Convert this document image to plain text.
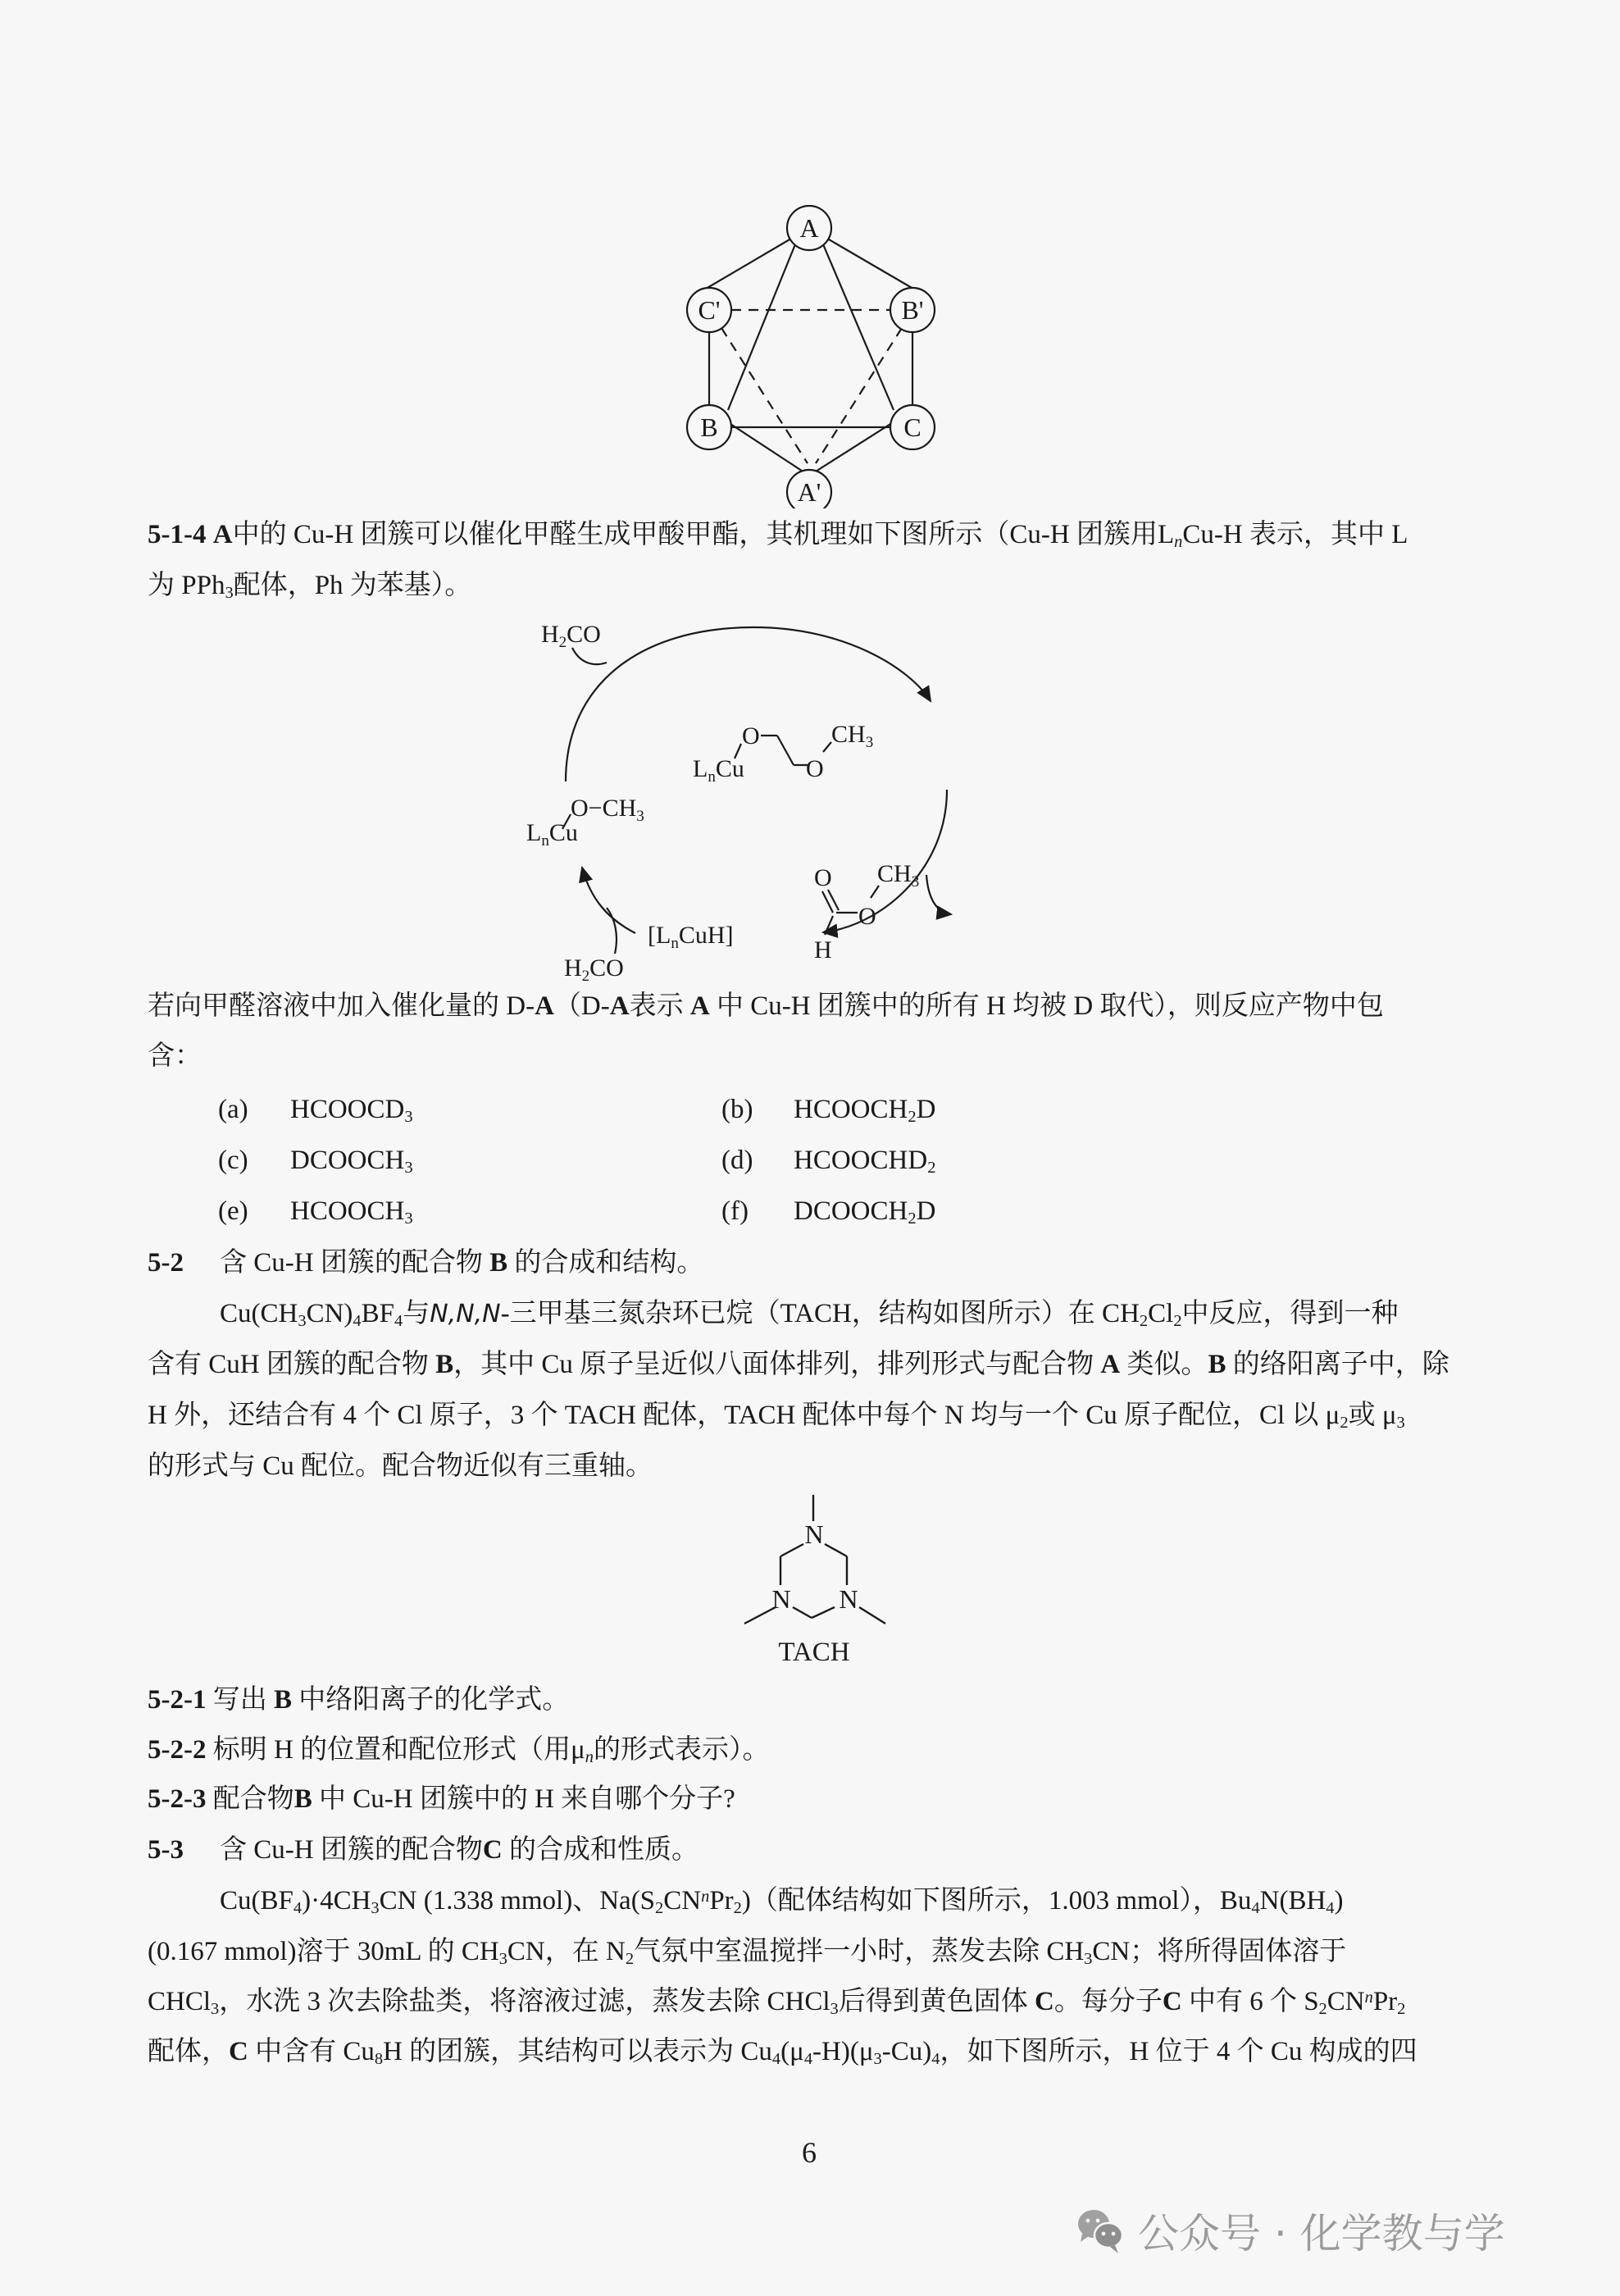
A
B'
C
A'
B
C'
5-1-4 A中的 Cu-H 团簇可以催化甲醛生成甲酸甲酯，其机理如下图所示（Cu-H 团簇用$L_nCu-H$ 表示，其中 L
为 PPh$_3$配体，Ph 为苯基）。
$H_2CO$
$L_nCu$
O
O
$CH_3$
$L_nCu$
$O-CH_3$
$[L_nCuH]$
$H_2CO$
O
O
H
$CH_3$
若向甲醛溶液中加入催化量的 D-A（D-A表示 A 中 Cu-H 团簇中的所有 H 均被 D 取代），则反应产物中包
含：
(a) $HCOOCD_3$	(b) $HCOOCH_2D$
(c) $DCOOCH_3$	(d) $HCOOCHD_2$
(e) $HCOOCH_3$	(f) $DCOOCH_2D$
5-2 含 Cu-H 团簇的配合物 B 的合成和结构。
$Cu(CH_3CN)_4BF_4$与N,N,N-三甲基三氮杂环已烷（TACH，结构如图所示）在 $CH_2Cl_2$中反应，得到一种
含有 CuH 团簇的配合物 B，其中 Cu 原子呈近似八面体排列，排列形式与配合物 A 类似。B 的络阳离子中，除
H 外，还结合有 4 个 Cl 原子，3 个 TACH 配体，TACH 配体中每个 N 均与一个 Cu 原子配位，Cl 以 $\mu_2$或 $\mu_3$
的形式与 Cu 配位。配合物近似有三重轴。
N
N N
TACH
5-2-1 写出 B 中络阳离子的化学式。
5-2-2 标明 H 的位置和配位形式（用$\mu_n$的形式表示）。
5-2-3 配合物B 中 Cu-H 团簇中的 H 来自哪个分子?
5-3 含 Cu-H 团簇的配合物C 的合成和性质。
$Cu(BF_4)\cdot 4CH_3CN$ (1.338 mmol)、$Na(S_2CN^nPr_2)$（配体结构如下图所示，1.003 mmol），$Bu_4N(BH_4)$
(0.167 mmol)溶于 30mL 的 $CH_3CN$，在 $N_2$气氛中室温搅拌一小时，蒸发去除 $CH_3CN$；将所得固体溶于
CHCl$_3$，水洗 3 次去除盐类，将溶液过滤，蒸发去除 CHCl$_3$后得到黄色固体 C。每分子C 中有 6 个 $S_2CN^nPr_2$
配体，C 中含有 $Cu_8H$ 的团簇，其结构可以表示为 $Cu_4(\mu_4-H)(\mu_3-Cu)_4$，如下图所示，H 位于 4 个 Cu 构成的四
6
公众号 · 化学教与学
